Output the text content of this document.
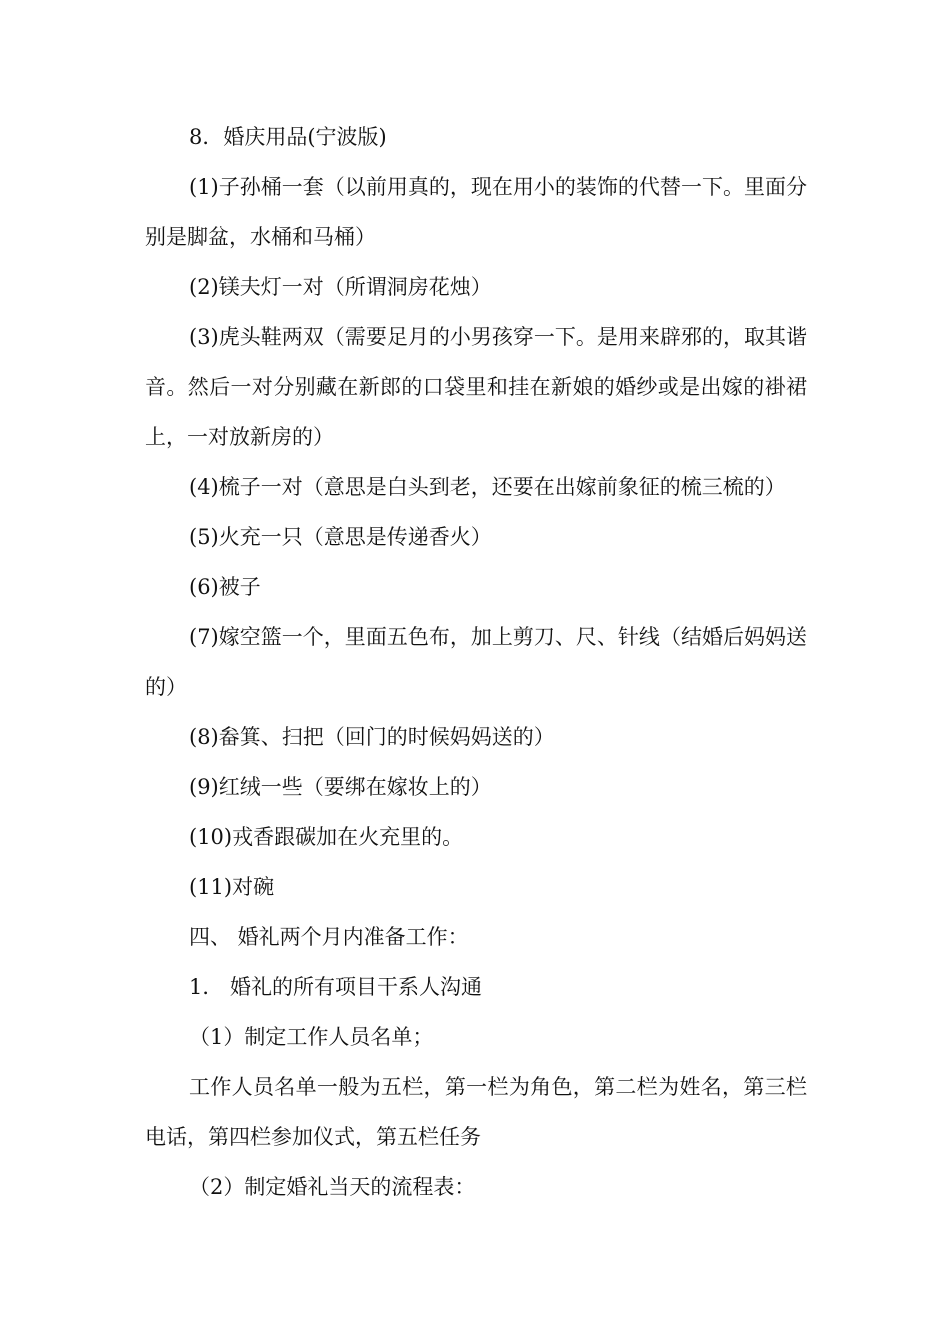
8．婚庆用品(宁波版)

(1)子孙桶一套（以前用真的，现在用小的装饰的代替一下。里面分别是脚盆，水桶和马桶）

(2)镁夫灯一对（所谓洞房花烛）

(3)虎头鞋两双（需要足月的小男孩穿一下。是用来辟邪的，取其谐音。然后一对分别藏在新郎的口袋里和挂在新娘的婚纱或是出嫁的褂裙上，一对放新房的）

(4)梳子一对（意思是白头到老，还要在出嫁前象征的梳三梳的）

(5)火充一只（意思是传递香火）

(6)被子

(7)嫁空篮一个，里面五色布，加上剪刀、尺、针线（结婚后妈妈送的）

(8)畚箕、扫把（回门的时候妈妈送的）

(9)红绒一些（要绑在嫁妆上的）

(10)戎香跟碳加在火充里的。

(11)对碗

四、 婚礼两个月内准备工作：

1． 婚礼的所有项目干系人沟通

（1）制定工作人员名单；

工作人员名单一般为五栏，第一栏为角色，第二栏为姓名，第三栏电话，第四栏参加仪式，第五栏任务

（2）制定婚礼当天的流程表：
